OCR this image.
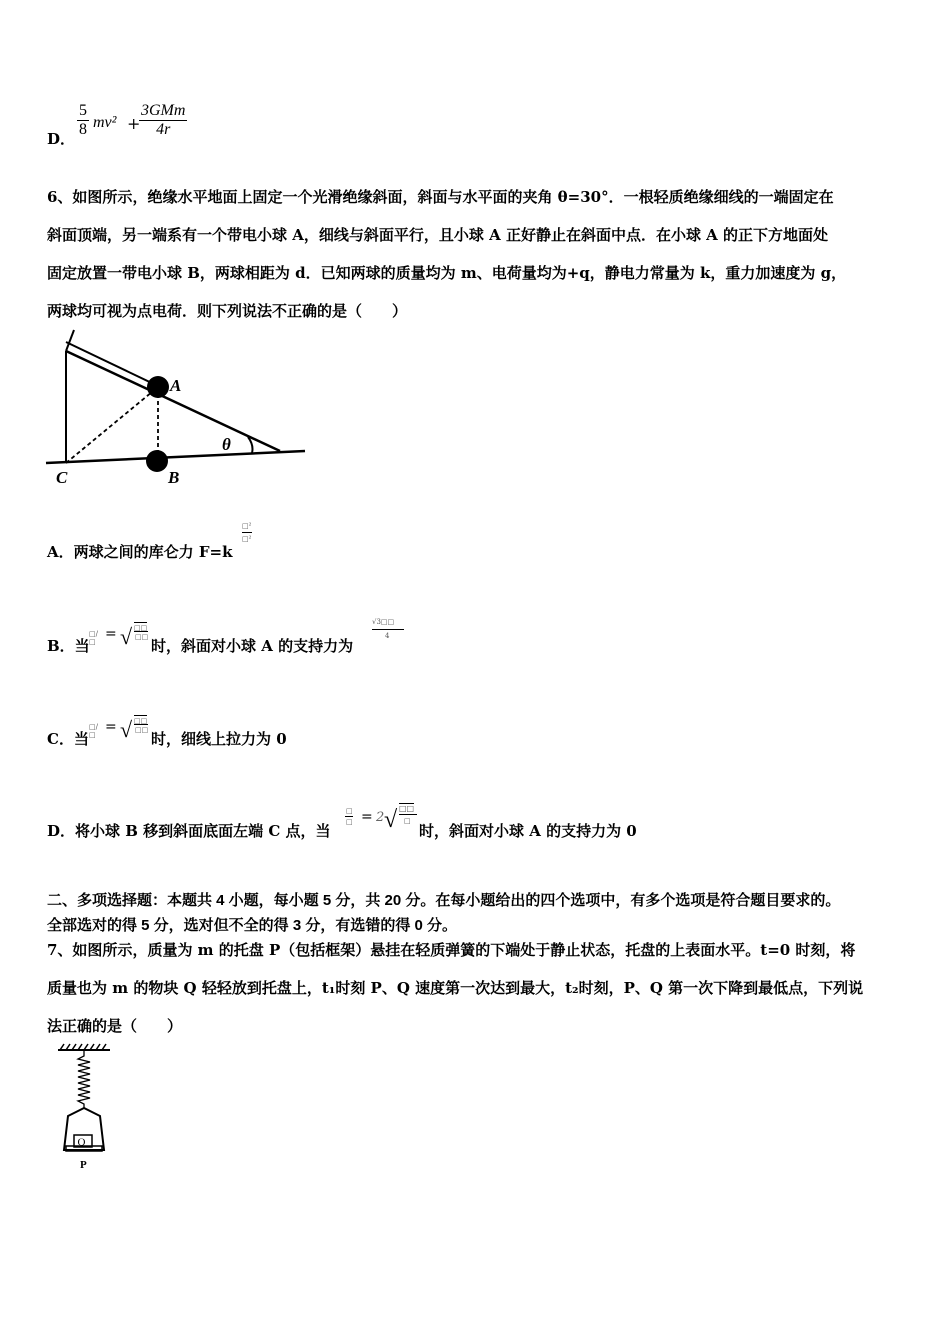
D． $\frac{5}{8} mv^2$ +
3GMm
4r
6、如图所示，绝缘水平地面上固定一个光滑绝缘斜面，斜面与水平面的夹角 θ=30°．一根轻质绝缘细线的一端固定在
斜面顶端，另一端系有一个带电小球 A，细线与斜面平行，且小球 A 正好静止在斜面中点．在小球 A 的正下方地面处
固定放置一带电小球 B，两球相距为 d．已知两球的质量均为 m、电荷量均为+q，静电力常量为 k，重力加速度为 g，
两球均可视为点电荷．则下列说法不正确的是（　　）
A
B
C
θ
A．两球之间的库仑力 F=k
□²
□²
B．当
□/□ = √ □□
□□ 时，斜面对小球 A 的支持力为
√3□□
4
C．当
□/□ = √ □□
□□ 时，细线上拉力为 0
D．将小球 B 移到斜面底面左端 C 点，当
□
□ = 2 √ □□
□
时，斜面对小球 A 的支持力为 0
二、多项选择题：本题共 4 小题，每小题 5 分，共 20 分。在每小题给出的四个选项中，有多个选项是符合题目要求的。
全部选对的得 5 分，选对但不全的得 3 分，有选错的得 0 分。
7、如图所示，质量为 m 的托盘 P（包括框架）悬挂在轻质弹簧的下端处于静止状态，托盘的上表面水平。t=0 时刻，将
质量也为 m 的物块 Q 轻轻放到托盘上，t₁时刻 P、Q 速度第一次达到最大，t₂时刻，P、Q 第一次下降到最低点，下列说
法正确的是（　　）
Q
P
